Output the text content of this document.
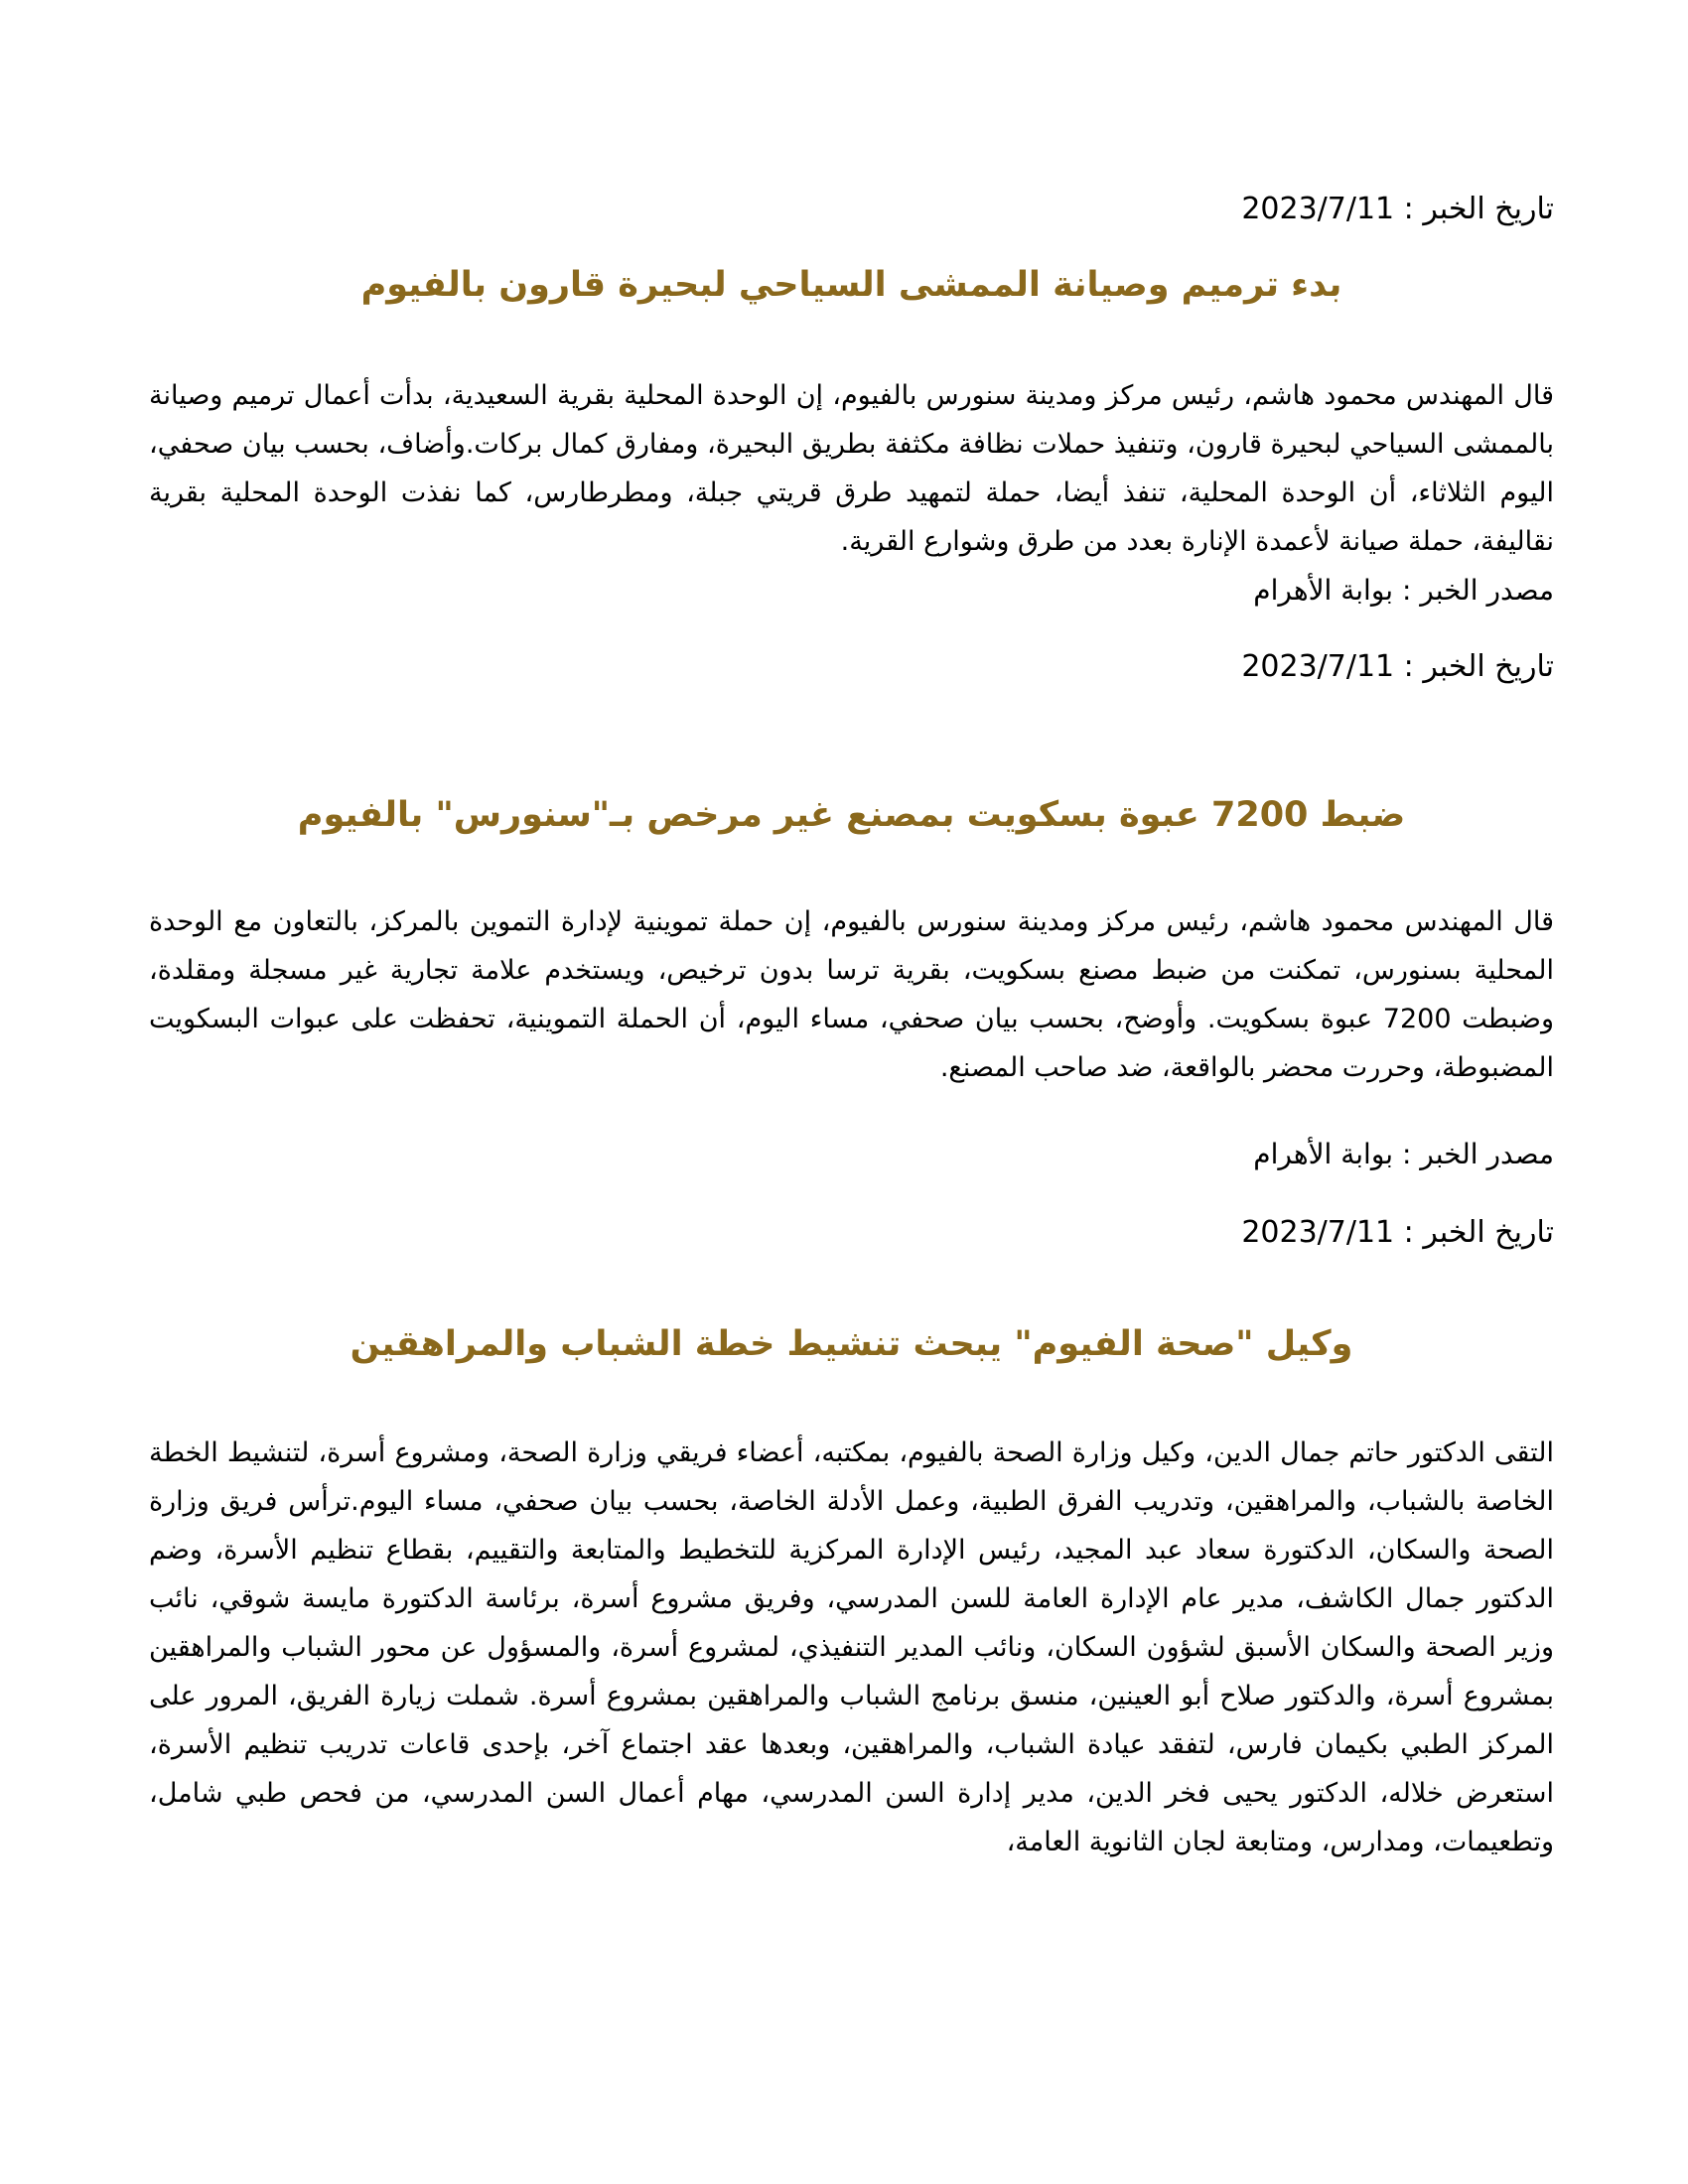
تاريخ الخبر : 2023/7/11
بدء ترميم وصيانة الممشى السياحي لبحيرة قارون بالفيوم

قال المهندس محمود هاشم، رئيس مركز ومدينة سنورس بالفيوم، إن الوحدة المحلية بقرية السعيدية، بدأت أعمال ترميم وصيانة بالممشى السياحي لبحيرة قارون، وتنفيذ حملات نظافة مكثفة بطريق البحيرة، ومفارق كمال بركات.وأضاف، بحسب بيان صحفي، اليوم الثلاثاء، أن الوحدة المحلية، تنفذ أيضا، حملة لتمهيد طرق قريتي جبلة، ومطرطارس، كما نفذت الوحدة المحلية بقرية نقاليفة، حملة صيانة لأعمدة الإنارة بعدد من طرق وشوارع القرية.

مصدر الخبر : بوابة الأهرام
تاريخ الخبر : 2023/7/11
ضبط 7200 عبوة بسكويت بمصنع غير مرخص بـ"سنورس" بالفيوم

قال المهندس محمود هاشم، رئيس مركز ومدينة سنورس بالفيوم، إن حملة تموينية لإدارة التموين بالمركز، بالتعاون مع الوحدة المحلية بسنورس، تمكنت من ضبط مصنع بسكويت، بقرية ترسا بدون ترخيص، ويستخدم علامة تجارية غير مسجلة ومقلدة، وضبطت 7200 عبوة بسكويت. وأوضح، بحسب بيان صحفي، مساء اليوم، أن الحملة التموينية، تحفظت على عبوات البسكويت المضبوطة، وحررت محضر بالواقعة، ضد صاحب المصنع.

مصدر الخبر : بوابة الأهرام
تاريخ الخبر : 2023/7/11
وكيل "صحة الفيوم" يبحث تنشيط خطة الشباب والمراهقين

التقى الدكتور حاتم جمال الدين، وكيل وزارة الصحة بالفيوم، بمكتبه، أعضاء فريقي وزارة الصحة، ومشروع أسرة، لتنشيط الخطة الخاصة بالشباب، والمراهقين، وتدريب الفرق الطبية، وعمل الأدلة الخاصة، بحسب بيان صحفي، مساء اليوم.ترأس فريق وزارة الصحة والسكان، الدكتورة سعاد عبد المجيد، رئيس الإدارة المركزية للتخطيط والمتابعة والتقييم، بقطاع تنظيم الأسرة، وضم الدكتور جمال الكاشف، مدير عام الإدارة العامة للسن المدرسي، وفريق مشروع أسرة، برئاسة الدكتورة مايسة شوقي، نائب وزير الصحة والسكان الأسبق لشؤون السكان، ونائب المدير التنفيذي، لمشروع أسرة، والمسؤول عن محور الشباب والمراهقين بمشروع أسرة، والدكتور صلاح أبو العينين، منسق برنامج الشباب والمراهقين بمشروع أسرة. شملت زيارة الفريق، المرور على المركز الطبي بكيمان فارس، لتفقد عيادة الشباب، والمراهقين، وبعدها عقد اجتماع آخر، بإحدى قاعات تدريب تنظيم الأسرة، استعرض خلاله، الدكتور يحيى فخر الدين، مدير إدارة السن المدرسي، مهام أعمال السن المدرسي، من فحص طبي شامل، وتطعيمات، ومدارس، ومتابعة لجان الثانوية العامة،
